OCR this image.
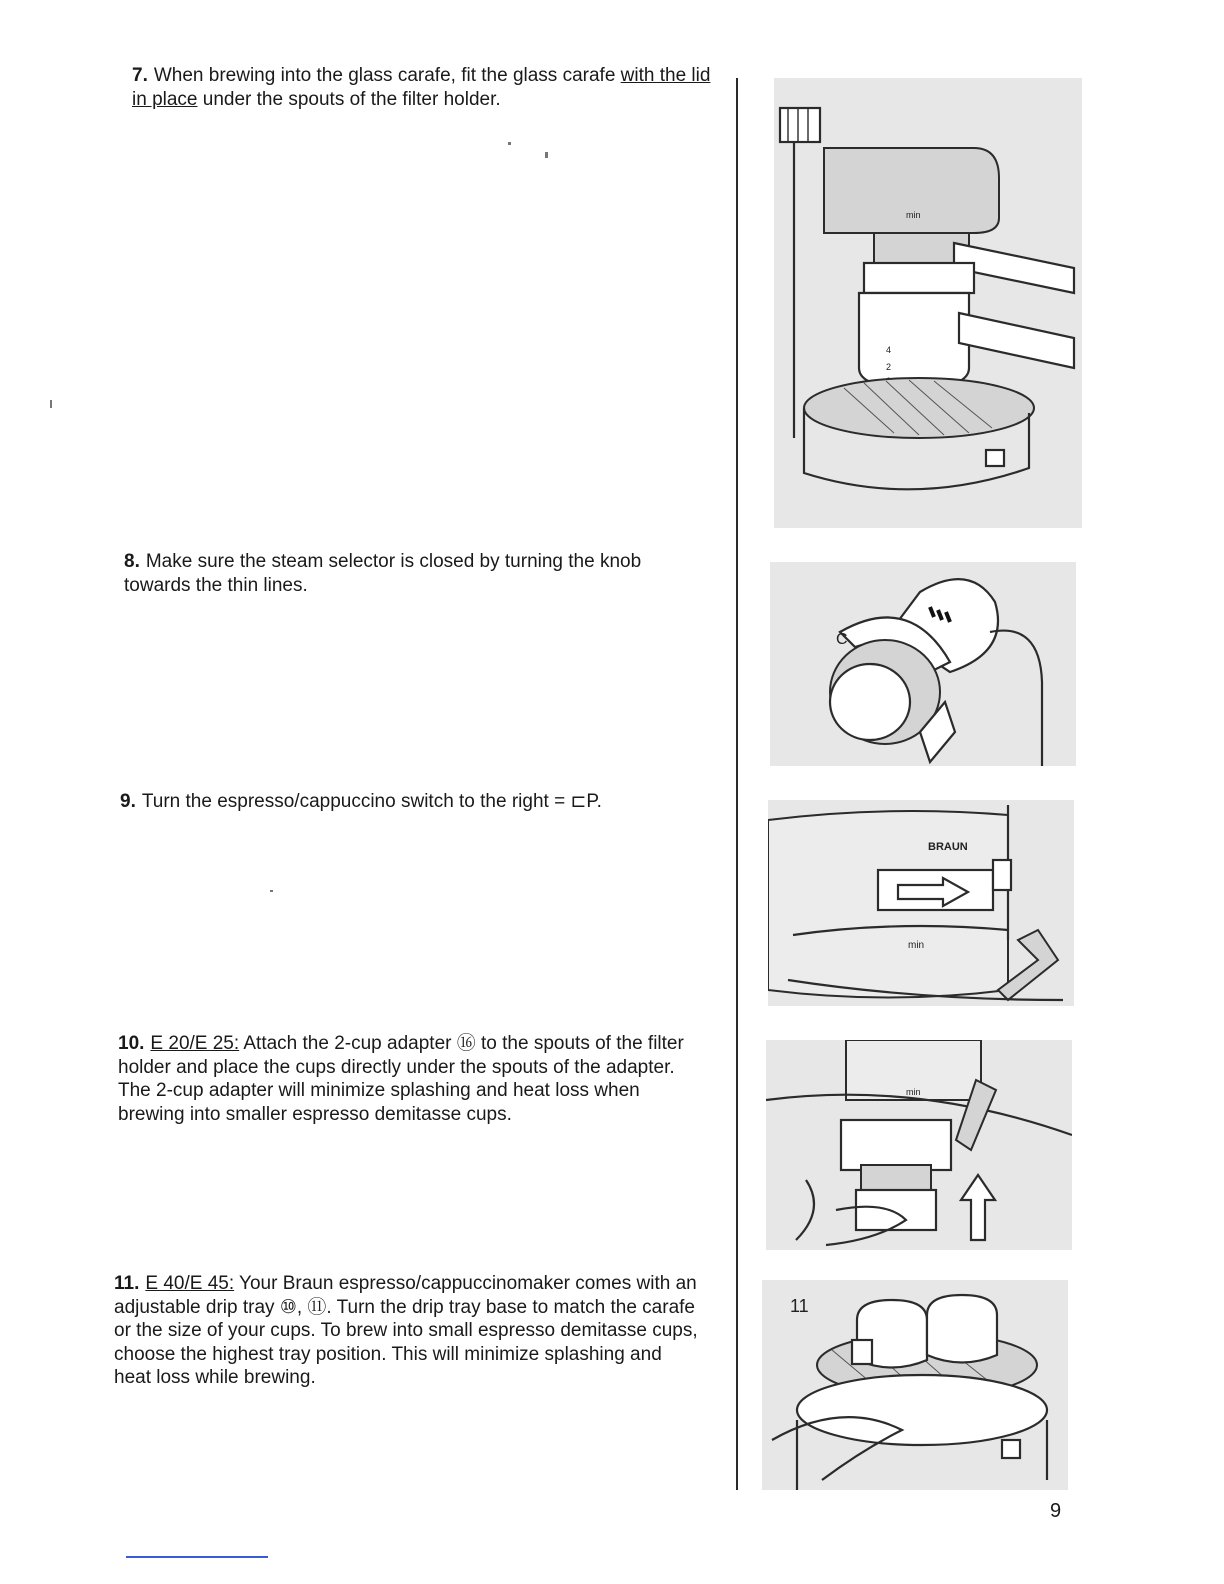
7. When brewing into the glass carafe, fit the glass carafe with the lid in place under the spouts of the filter holder.
8. Make sure the steam selector is closed by turning the knob towards the thin lines.
9. Turn the espresso/cappuccino switch to the right = ⊏P.
10. E 20/E 25: Attach the 2-cup adapter ⑯ to the spouts of the filter holder and place the cups directly under the spouts of the adapter. The 2-cup adapter will minimize splashing and heat loss when brewing into smaller espresso demitasse cups.
11. E 40/E 45: Your Braun espresso/cappuccinomaker comes with an adjustable drip tray ⑩, ⑪. Turn the drip tray base to match the carafe or the size of your cups. To brew into small espresso demitasse cups, choose the highest tray position. This will minimize splashing and heat loss while brewing.
min
4
2
C
BRAUN
min
min
11
9
